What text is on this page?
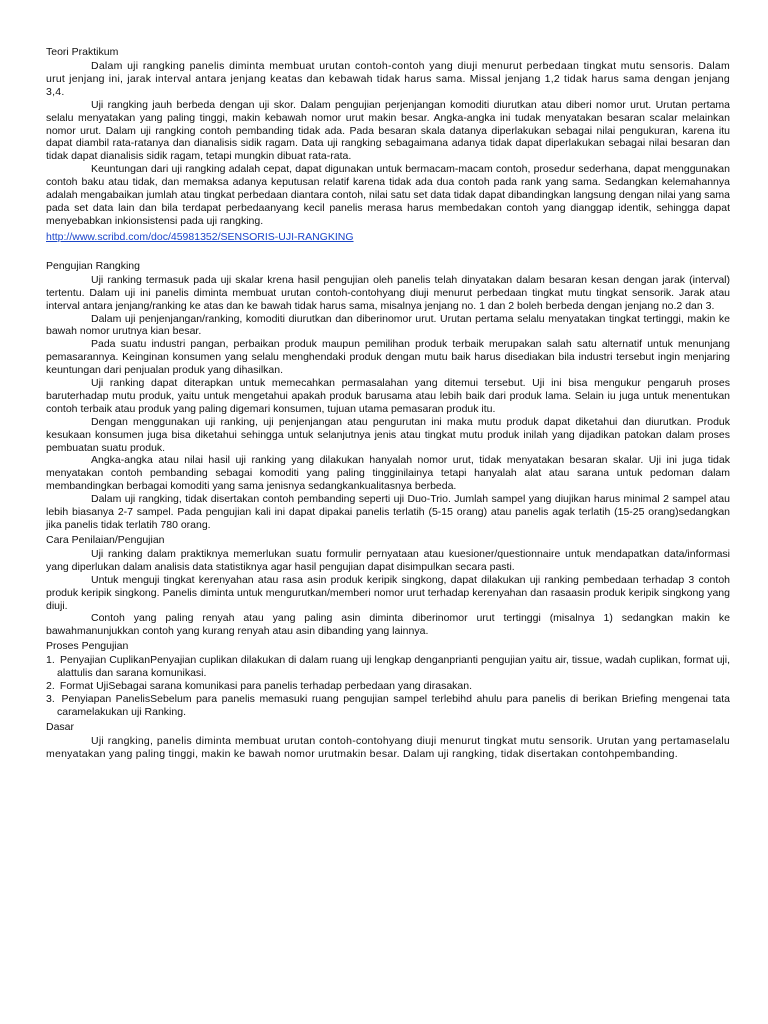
Teori Praktikum

Dalam uji rangking panelis diminta membuat urutan contoh-contoh yang diuji menurut perbedaan tingkat mutu sensoris. Dalam urut jenjang ini, jarak interval antara jenjang keatas dan kebawah tidak harus sama. Missal jenjang 1,2 tidak harus sama dengan jenjang 3,4.

Uji rangking jauh berbeda dengan uji skor. Dalam pengujian perjenjangan komoditi diurutkan atau diberi nomor urut. Urutan pertama selalu menyatakan yang paling tinggi, makin kebawah nomor urut makin besar. Angka-angka ini tudak menyatakan besaran scalar melainkan nomor urut. Dalam uji rangking contoh pembanding tidak ada. Pada besaran skala datanya diperlakukan sebagai nilai pengukuran, karena itu dapat diambil rata-ratanya dan dianalisis sidik ragam. Data uji rangking sebagaimana adanya tidak dapat diperlakukan sebagai nilai besaran dan tidak dapat dianalisis sidik ragam, tetapi mungkin dibuat rata-rata.

Keuntungan dari uji rangking adalah cepat, dapat digunakan untuk bermacam-macam contoh, prosedur sederhana, dapat menggunakan contoh baku atau tidak, dan memaksa adanya keputusan relatif karena tidak ada dua contoh pada rank yang sama. Sedangkan kelemahannya adalah mengabaikan jumlah atau tingkat perbedaan diantara contoh, nilai satu set data tidak dapat dibandingkan langsung dengan nilai yang sama pada set data lain dan bila terdapat perbedaanyang kecil panelis merasa harus membedakan contoh yang dianggap identik, sehingga dapat menyebabkan inkionsistensi pada uji rangking.

http://www.scribd.com/doc/45981352/SENSORIS-UJI-RANGKING

Pengujian Rangking

Uji ranking termasuk pada uji skalar krena hasil pengujian oleh panelis telah dinyatakan dalam besaran kesan dengan jarak (interval) tertentu. Dalam uji ini panelis diminta membuat urutan contoh-contohyang diuji menurut perbedaan tingkat mutu tingkat sensorik. Jarak atau interval antara jenjang/ranking ke atas dan ke bawah tidak harus sama, misalnya jenjang no. 1 dan 2 boleh berbeda dengan jenjang no.2 dan 3.

Dalam uji penjenjangan/ranking, komoditi diurutkan dan diberinomor urut. Urutan pertama selalu menyatakan tingkat tertinggi, makin ke bawah nomor urutnya kian besar.

Pada suatu industri pangan, perbaikan produk maupun pemilihan produk terbaik merupakan salah satu alternatif untuk menunjang pemasarannya. Keinginan konsumen yang selalu menghendaki produk dengan mutu baik harus disediakan bila industri tersebut ingin menjaring keuntungan dari penjualan produk yang dihasilkan.

Uji ranking dapat diterapkan untuk memecahkan permasalahan yang ditemui tersebut. Uji ini bisa mengukur pengaruh proses baruterhadap mutu produk, yaitu untuk mengetahui apakah produk barusama atau lebih baik dari produk lama. Selain iu juga untuk menentukan contoh terbaik atau produk yang paling digemari konsumen, tujuan utama pemasaran produk itu.

Dengan menggunakan uji ranking, uji penjenjangan atau pengurutan ini maka mutu produk dapat diketahui dan diurutkan. Produk kesukaan konsumen juga bisa diketahui sehingga untuk selanjutnya jenis atau tingkat mutu produk inilah yang dijadikan patokan dalam proses pembuatan suatu produk.

Angka-angka atau nilai hasil uji ranking yang dilakukan hanyalah nomor urut, tidak menyatakan besaran skalar. Uji ini juga tidak menyatakan contoh pembanding sebagai komoditi yang paling tingginilainya tetapi hanyalah alat atau sarana untuk pedoman dalam membandingkan berbagai komoditi yang sama jenisnya sedangkankualitasnya berbeda.

Dalam uji rangking, tidak disertakan contoh pembanding seperti uji Duo-Trio. Jumlah sampel yang diujikan harus minimal 2 sampel atau lebih biasanya 2-7 sampel. Pada pengujian kali ini dapat dipakai panelis terlatih (5-15 orang) atau panelis agak terlatih (15-25 orang)sedangkan jika panelis tidak terlatih 780 orang.

Cara Penilaian/Pengujian

Uji ranking dalam praktiknya memerlukan suatu formulir pernyataan atau kuesioner/questionnaire untuk mendapatkan data/informasi yang diperlukan dalam analisis data statistiknya agar hasil pengujian dapat disimpulkan secara pasti.

Untuk menguji tingkat kerenyahan atau rasa asin produk keripik singkong, dapat dilakukan uji ranking pembedaan terhadap 3 contoh produk keripik singkong. Panelis diminta untuk mengurutkan/memberi nomor urut terhadap kerenyahan dan rasaasin produk keripik singkong yang diuji.

Contoh yang paling renyah atau yang paling asin diminta diberinomor urut tertinggi (misalnya 1) sedangkan makin ke bawahmanunjukkan contoh yang kurang renyah atau asin dibanding yang lainnya.

Proses Pengujian

1. Penyajian CuplikanPenyajian cuplikan dilakukan di dalam ruang uji lengkap denganprianti pengujian yaitu air, tissue, wadah cuplikan, format uji, alattulis dan sarana komunikasi.
2. Format UjiSebagai sarana komunikasi para panelis terhadap perbedaan yang dirasakan.
3. Penyiapan PanelisSebelum para panelis memasuki ruang pengujian sampel terlebihd ahulu para panelis di berikan Briefing mengenai tata caramelakukan uji Ranking.

Dasar

Uji rangking, panelis diminta membuat urutan contoh-contohyang diuji menurut tingkat mutu sensorik. Urutan yang pertamaselalu menyatakan yang paling tinggi, makin ke bawah nomor urutmakin besar. Dalam uji rangking, tidak disertakan contohpembanding.
